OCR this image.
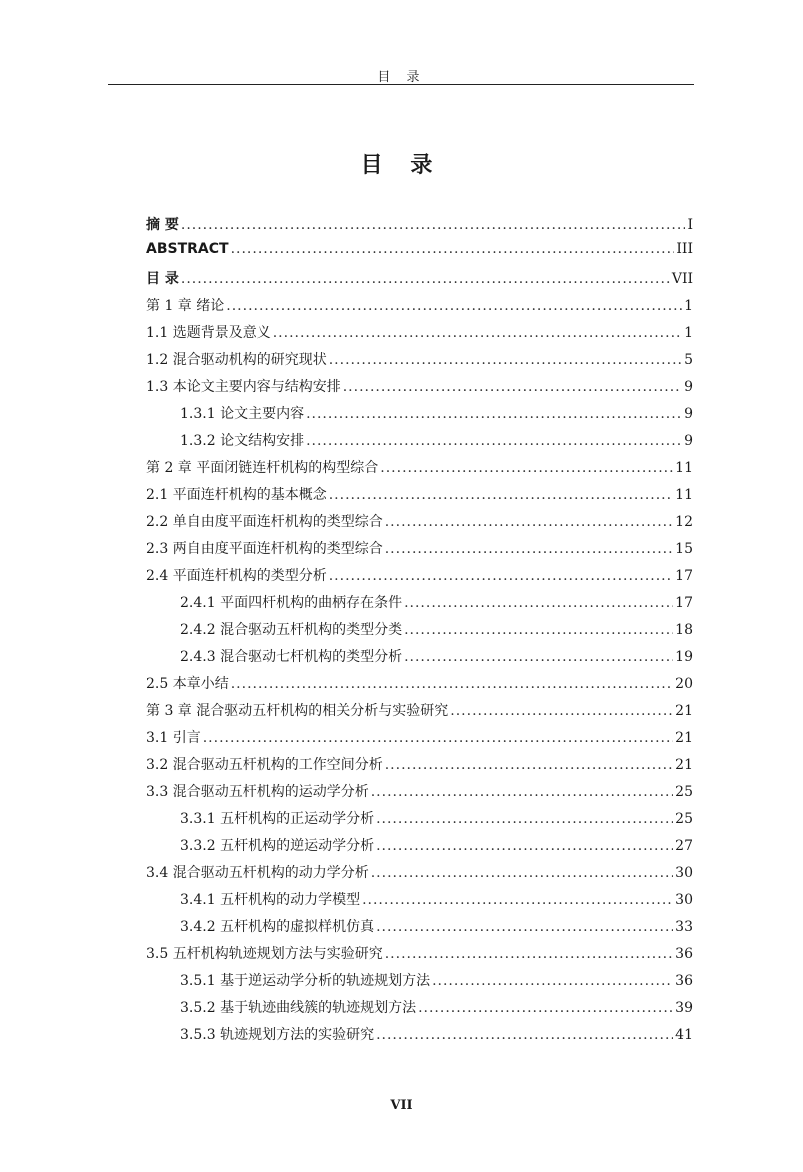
目 录
目 录
摘 要 .....	I
ABSTRACT .....	III
目 录 .....	VII
第 1 章 绪论 .....	1
1.1 选题背景及意义 .....	1
1.2 混合驱动机构的研究现状 .....	5
1.3 本论文主要内容与结构安排 .....	9
1.3.1 论文主要内容 .....	9
1.3.2 论文结构安排 .....	9
第 2 章 平面闭链连杆机构的构型综合 .....	11
2.1 平面连杆机构的基本概念 .....	11
2.2 单自由度平面连杆机构的类型综合 .....	12
2.3 两自由度平面连杆机构的类型综合 .....	15
2.4 平面连杆机构的类型分析 .....	17
2.4.1 平面四杆机构的曲柄存在条件 .....	17
2.4.2 混合驱动五杆机构的类型分类 .....	18
2.4.3 混合驱动七杆机构的类型分析 .....	19
2.5 本章小结 .....	20
第 3 章 混合驱动五杆机构的相关分析与实验研究 .....	21
3.1 引言 .....	21
3.2 混合驱动五杆机构的工作空间分析 .....	21
3.3 混合驱动五杆机构的运动学分析 .....	25
3.3.1 五杆机构的正运动学分析 .....	25
3.3.2 五杆机构的逆运动学分析 .....	27
3.4 混合驱动五杆机构的动力学分析 .....	30
3.4.1 五杆机构的动力学模型 .....	30
3.4.2 五杆机构的虚拟样机仿真 .....	33
3.5 五杆机构轨迹规划方法与实验研究 .....	36
3.5.1 基于逆运动学分析的轨迹规划方法 .....	36
3.5.2 基于轨迹曲线簇的轨迹规划方法 .....	39
3.5.3 轨迹规划方法的实验研究 .....	41
VII
